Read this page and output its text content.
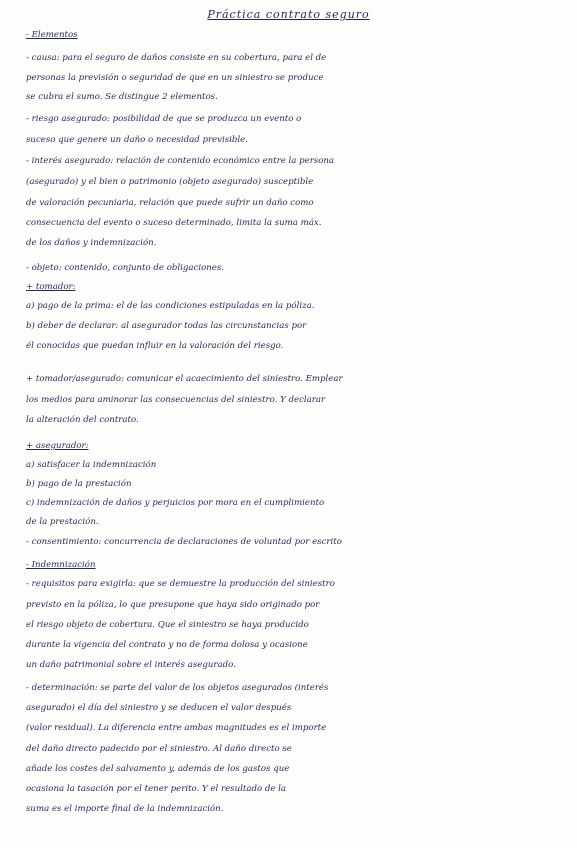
Práctica contrato seguro
- Elementos
- causa: para el seguro de daños consiste en su cobertura, para el de
personas la previsión o seguridad de que en un siniestro se produce
se cubra el sumo. Se distingue 2 elementos.
- riesgo asegurado: posibilidad de que se produzca un evento o
suceso que genere un daño o necesidad previsible.
- interés asegurado: relación de contenido económico entre la persona
(asegurado) y el bien o patrimonio (objeto asegurado) susceptible
de valoración pecuniaria, relación que puede sufrir un daño como
consecuencia del evento o suceso determinado, limita la suma máx.
de los daños y indemnización.
- objeto: contenido, conjunto de obligaciones.
+ tomador:
a) pago de la prima: el de las condiciones estipuladas en la póliza.
b) deber de declarar: al asegurador todas las circunstancias por
él conocidas que puedan influir en la valoración del riesgo.
+ tomador/asegurado: comunicar el acaecimiento del siniestro. Emplear
los medios para aminorar las consecuencias del siniestro. Y declarar
la alteración del contrato.
+ asegurador:
a) satisfacer la indemnización
b) pago de la prestación
c) indemnización de daños y perjuicios por mora en el cumplimiento
de la prestación.
- consentimiento: concurrencia de declaraciones de voluntad por escrito
- Indemnización
- requisitos para exigirla: que se demuestre la producción del siniestro
previsto en la póliza, lo que presupone que haya sido originado por
el riesgo objeto de cobertura. Que el siniestro se haya producido
durante la vigencia del contrato y no de forma dolosa y ocasione
un daño patrimonial sobre el interés asegurado.
- determinación: se parte del valor de los objetos asegurados (interés
asegurado) el día del siniestro y se deducen el valor después
(valor residual). La diferencia entre ambas magnitudes es el importe
del daño directo padecido por el siniestro. Al daño directo se
añade los costes del salvamento y, además de los gastos que
ocasiona la tasación por el tener perito. Y el resultado de la
suma es el importe final de la indemnización.
